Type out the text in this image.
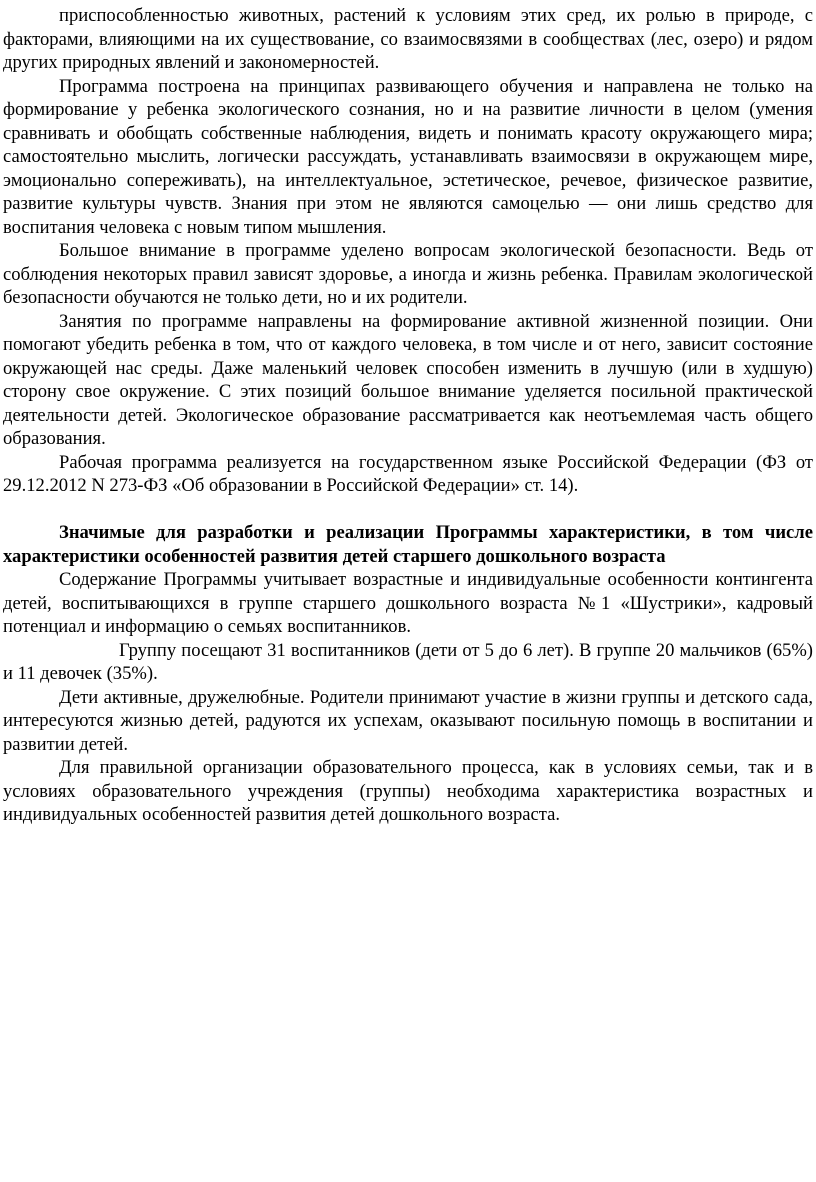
приспособленностью животных, растений к условиям этих сред, их ролью в природе, с факторами, влияющими на их существование, со взаимосвязями в сообществах (лес, озеро) и рядом других природных явлений и закономерностей.

Программа построена на принципах развивающего обучения и направлена не только на формирование у ребенка экологического сознания, но и на развитие личности в целом (умения сравнивать и обобщать собственные наблюдения, видеть и понимать красоту окружающего мира; самостоятельно мыслить, логически рассуждать, устанавливать взаимосвязи в окружающем мире, эмоционально сопереживать), на интеллектуальное, эстетическое, речевое, физическое развитие, развитие культуры чувств. Знания при этом не являются самоцелью — они лишь средство для воспитания человека с новым типом мышления.

Большое внимание в программе уделено вопросам экологической безопасности. Ведь от соблюдения некоторых правил зависят здоровье, а иногда и жизнь ребенка. Правилам экологической безопасности обучаются не только дети, но и их родители.

Занятия по программе направлены на формирование активной жизненной позиции. Они помогают убедить ребенка в том, что от каждого человека, в том числе и от него, зависит состояние окружающей нас среды. Даже маленький человек способен изменить в лучшую (или в худшую) сторону свое окружение. С этих позиций большое внимание уделяется посильной практической деятельности детей. Экологическое образование рассматривается как неотъемлемая часть общего образования.

Рабочая программа реализуется на государственном языке Российской Федерации (ФЗ от 29.12.2012 N 273-ФЗ «Об образовании в Российской Федерации» ст. 14).

Значимые для разработки и реализации Программы характеристики, в том числе характеристики особенностей развития детей старшего дошкольного возраста

Содержание Программы учитывает возрастные и индивидуальные особенности контингента детей, воспитывающихся в группе старшего дошкольного возраста №1 «Шустрики», кадровый потенциал и информацию о семьях воспитанников.

Группу посещают 31 воспитанников (дети от 5 до 6 лет). В группе 20 мальчиков (65%) и 11 девочек (35%).

Дети активные, дружелюбные. Родители принимают участие в жизни группы и детского сада, интересуются жизнью детей, радуются их успехам, оказывают посильную помощь в воспитании и развитии детей.

Для правильной организации образовательного процесса, как в условиях семьи, так и в условиях образовательного учреждения (группы) необходима характеристика возрастных и индивидуальных особенностей развития детей дошкольного возраста.
